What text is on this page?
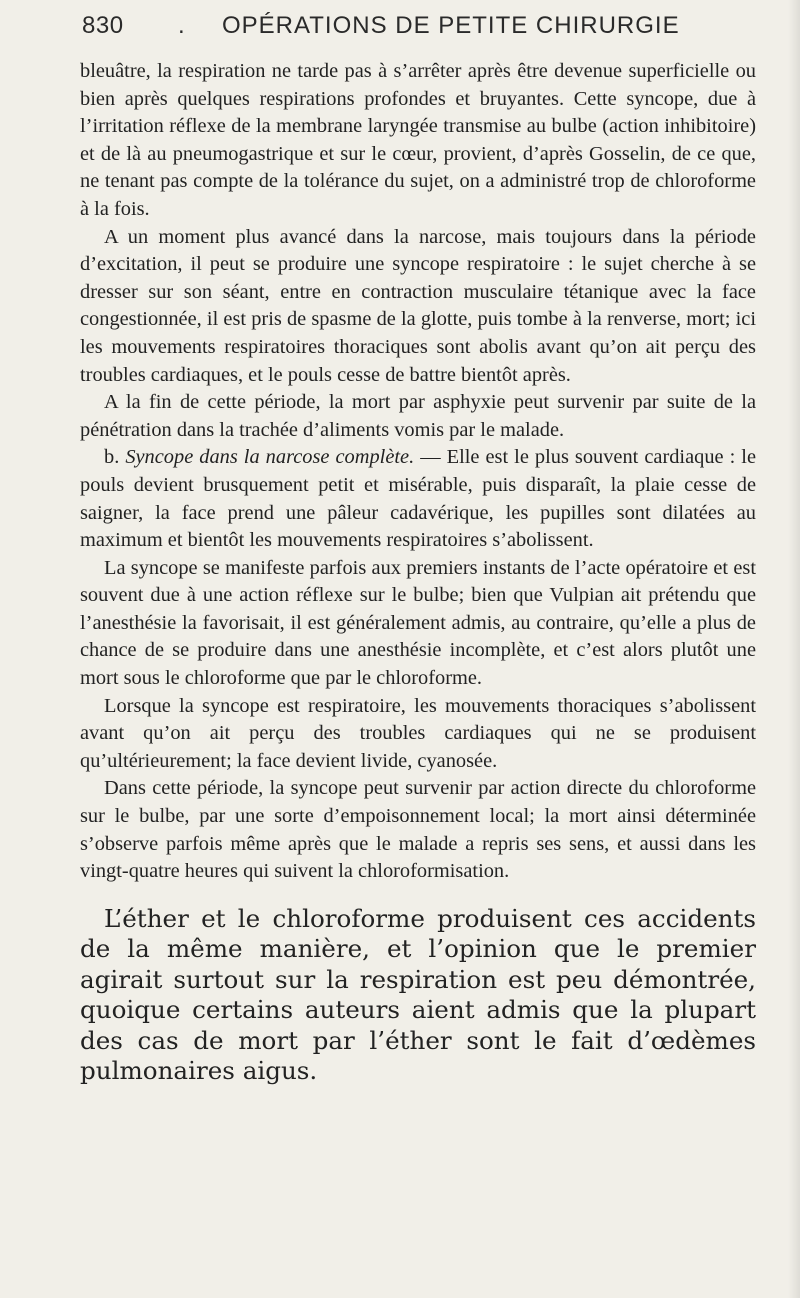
830 . OPÉRATIONS DE PETITE CHIRURGIE

bleuâtre, la respiration ne tarde pas à s’arrêter après être devenue superficielle ou bien après quelques respirations profondes et bruyantes. Cette syncope, due à l’irritation réflexe de la membrane laryngée transmise au bulbe (action inhibitoire) et de là au pneumogastrique et sur le cœur, provient, d’après Gosselin, de ce que, ne tenant pas compte de la tolérance du sujet, on a administré trop de chloroforme à la fois.

A un moment plus avancé dans la narcose, mais toujours dans la période d’excitation, il peut se produire une syncope respiratoire : le sujet cherche à se dresser sur son séant, entre en contraction musculaire tétanique avec la face congestionnée, il est pris de spasme de la glotte, puis tombe à la renverse, mort; ici les mouvements respiratoires thoraciques sont abolis avant qu’on ait perçu des troubles cardiaques, et le pouls cesse de battre bientôt après.

A la fin de cette période, la mort par asphyxie peut survenir par suite de la pénétration dans la trachée d’aliments vomis par le malade.

b. Syncope dans la narcose complète. — Elle est le plus souvent cardiaque : le pouls devient brusquement petit et misérable, puis disparaît, la plaie cesse de saigner, la face prend une pâleur cadavérique, les pupilles sont dilatées au maximum et bientôt les mouvements respiratoires s’abolissent.

La syncope se manifeste parfois aux premiers instants de l’acte opératoire et est souvent due à une action réflexe sur le bulbe; bien que Vulpian ait prétendu que l’anesthésie la favorisait, il est généralement admis, au contraire, qu’elle a plus de chance de se produire dans une anesthésie incomplète, et c’est alors plutôt une mort sous le chloroforme que par le chloroforme.

Lorsque la syncope est respiratoire, les mouvements thoraciques s’abolissent avant qu’on ait perçu des troubles cardiaques qui ne se produisent qu’ultérieurement; la face devient livide, cyanosée.

Dans cette période, la syncope peut survenir par action directe du chloroforme sur le bulbe, par une sorte d’empoisonnement local; la mort ainsi déterminée s’observe parfois même après que le malade a repris ses sens, et aussi dans les vingt-quatre heures qui suivent la chloroformisation.

L’éther et le chloroforme produisent ces accidents de la même manière, et l’opinion que le premier agirait surtout sur la respiration est peu démontrée, quoique certains auteurs aient admis que la plupart des cas de mort par l’éther sont le fait d’œdèmes pulmonaires aigus.
